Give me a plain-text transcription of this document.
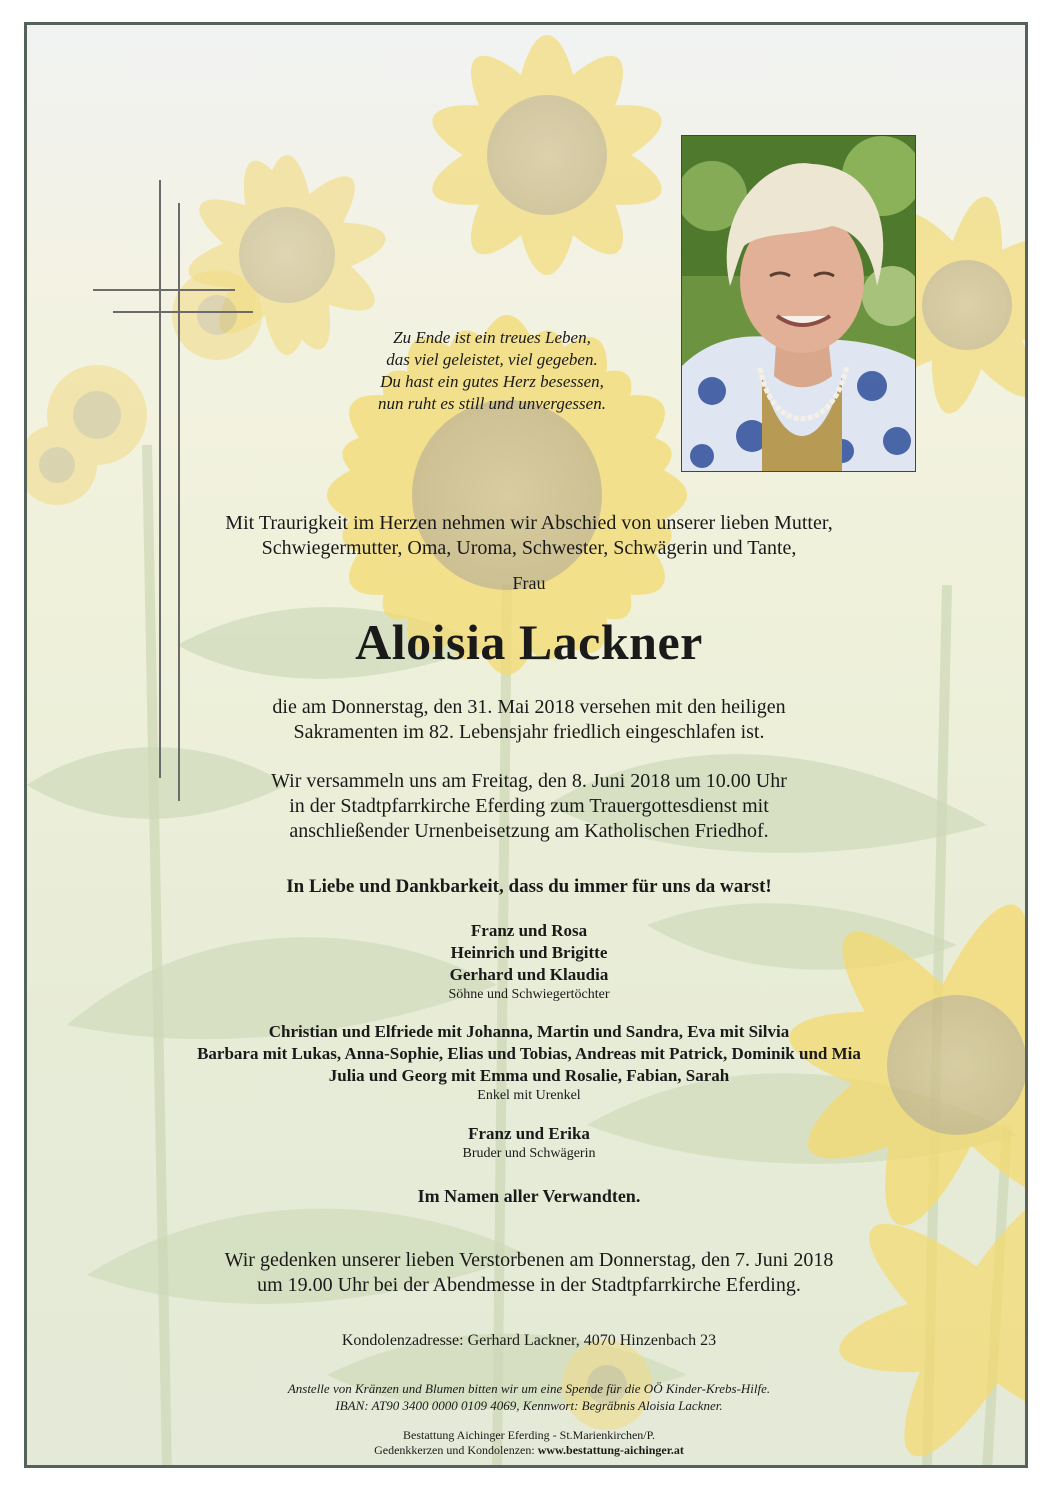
Zu Ende ist ein treues Leben,
das viel geleistet, viel gegeben.
Du hast ein gutes Herz besessen,
nun ruht es still und unvergessen.
Mit Traurigkeit im Herzen nehmen wir Abschied von unserer lieben Mutter,
Schwiegermutter, Oma, Uroma, Schwester, Schwägerin und Tante,
Frau
Aloisia Lackner
die am Donnerstag, den 31. Mai 2018 versehen mit den heiligen
Sakramenten im 82. Lebensjahr friedlich eingeschlafen ist.
Wir versammeln uns am Freitag, den 8. Juni 2018 um 10.00 Uhr
in der Stadtpfarrkirche Eferding zum Trauergottesdienst mit
anschließender Urnenbeisetzung am Katholischen Friedhof.
In Liebe und Dankbarkeit, dass du immer für uns da warst!
Franz und Rosa
Heinrich und Brigitte
Gerhard und Klaudia
Söhne und Schwiegertöchter
Christian und Elfriede mit Johanna, Martin und Sandra, Eva mit Silvia
Barbara mit Lukas, Anna-Sophie, Elias und Tobias, Andreas mit Patrick, Dominik und Mia
Julia und Georg mit Emma und Rosalie, Fabian, Sarah
Enkel mit Urenkel
Franz und Erika
Bruder und Schwägerin
Im Namen aller Verwandten.
Wir gedenken unserer lieben Verstorbenen am Donnerstag, den 7. Juni 2018
um 19.00 Uhr bei der Abendmesse in der Stadtpfarrkirche Eferding.
Kondolenzadresse: Gerhard Lackner, 4070 Hinzenbach 23
Anstelle von Kränzen und Blumen bitten wir um eine Spende für die OÖ Kinder-Krebs-Hilfe.
IBAN: AT90 3400 0000 0109 4069, Kennwort: Begräbnis Aloisia Lackner.
Bestattung Aichinger Eferding - St.Marienkirchen/P.
Gedenkkerzen und Kondolenzen: www.bestattung-aichinger.at
